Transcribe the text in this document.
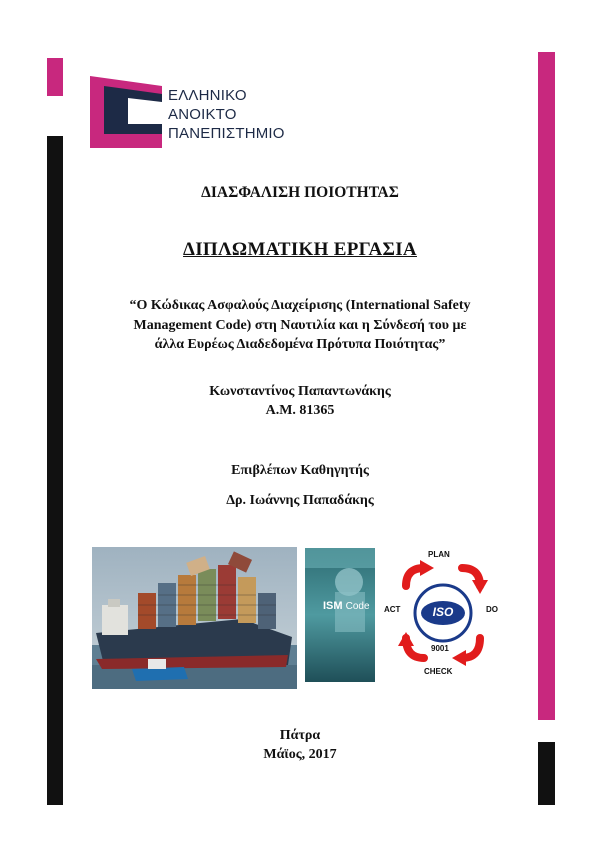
ΕΛΛΗΝΙΚΟ
ΑΝΟΙΚΤΟ
ΠΑΝΕΠΙΣΤΗΜΙΟ
ΔΙΑΣΦΑΛΙΣΗ ΠΟΙΟΤΗΤΑΣ
ΔΙΠΛΩΜΑΤΙΚΗ ΕΡΓΑΣΙΑ
“Ο Κώδικας Ασφαλούς Διαχείρισης (International Safety
Management Code) στη Ναυτιλία και η Σύνδεσή του με
άλλα Ευρέως Διαδεδομένα Πρότυπα Ποιότητας”
Κωνσταντίνος Παπαντωνάκης
Α.Μ. 81365
Επιβλέπων Καθηγητής
Δρ. Ιωάννης Παπαδάκης
ISM Code
PLAN
DO
CHECK
ACT	ISO
9001
Πάτρα
Μάϊος, 2017
